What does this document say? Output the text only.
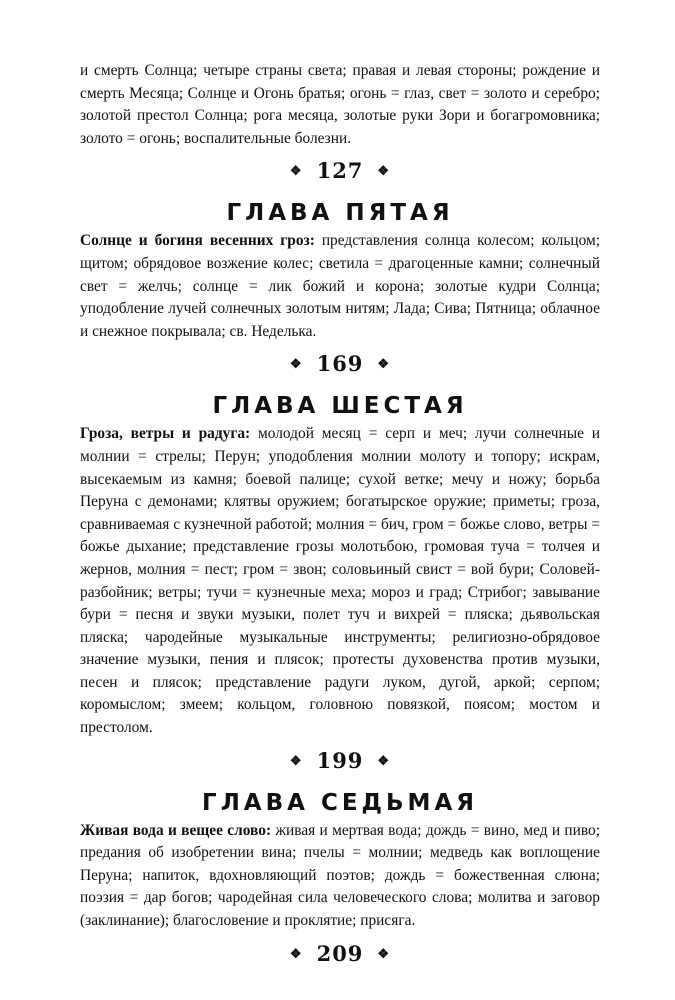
и смерть Солнца; четыре страны света; правая и левая стороны; рождение и смерть Месяца; Солнце и Огонь братья; огонь = глаз, свет = золото и серебро; золотой престол Солнца; рога месяца, золотые руки Зори и богагромовника; золото = огонь; воспалительные болезни.

❖ 127 ❖
ГЛАВА ПЯТАЯ

Солнце и богиня весенних гроз: представления солнца колесом; кольцом; щитом; обрядовое возжение колес; светила = драгоценные камни; солнечный свет = желчь; солнце = лик божий и корона; золотые кудри Солнца; уподобление лучей солнечных золотым нитям; Лада; Сива; Пятница; облачное и снежное покрывала; св. Неделька.

❖ 169 ❖
ГЛАВА ШЕСТАЯ

Гроза, ветры и радуга: молодой месяц = серп и меч; лучи солнечные и молнии = стрелы; Перун; уподобления молнии молоту и топору; искрам, высекаемым из камня; боевой палице; сухой ветке; мечу и ножу; борьба Перуна с демонами; клятвы оружием; богатырское оружие; приметы; гроза, сравниваемая с кузнечной работой; молния = бич, гром = божье слово, ветры = божье дыхание; представление грозы молотьбою, громовая туча = толчея и жернов, молния = пест; гром = звон; соловьиный свист = вой бури; Соловей-разбойник; ветры; тучи = кузнечные меха; мороз и град; Стрибог; завывание бури = песня и звуки музыки, полет туч и вихрей = пляска; дьявольская пляска; чародейные музыкальные инструменты; религиозно-обрядовое значение музыки, пения и плясок; протесты духовенства против музыки, песен и плясок; представление радуги луком, дугой, аркой; серпом; коромыслом; змеем; кольцом, головною повязкой, поясом; мостом и престолом.

❖ 199 ❖
ГЛАВА СЕДЬМАЯ

Живая вода и вещее слово: живая и мертвая вода; дождь = вино, мед и пиво; предания об изобретении вина; пчелы = молнии; медведь как воплощение Перуна; напиток, вдохновляющий поэтов; дождь = божественная слюна; поэзия = дар богов; чародейная сила человеческого слова; молитва и заговор (заклинание); благословение и проклятие; присяга.

❖ 209 ❖
